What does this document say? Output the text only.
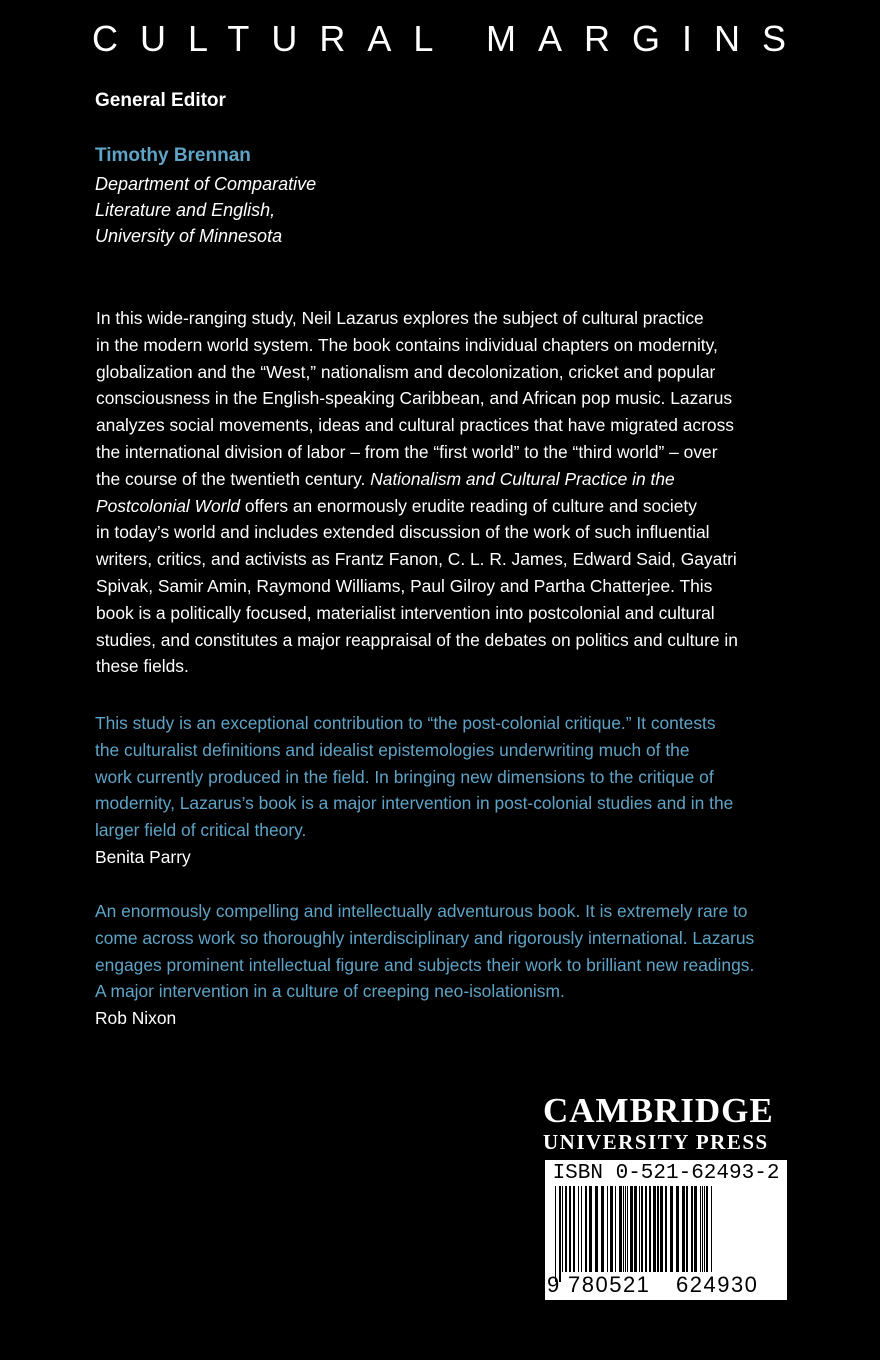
CULTURAL MARGINS
General Editor
Timothy Brennan
Department of Comparative
Literature and English,
University of Minnesota
In this wide-ranging study, Neil Lazarus explores the subject of cultural practice
in the modern world system. The book contains individual chapters on modernity,
globalization and the “West,” nationalism and decolonization, cricket and popular
consciousness in the English-speaking Caribbean, and African pop music. Lazarus
analyzes social movements, ideas and cultural practices that have migrated across
the international division of labor – from the “first world” to the “third world” – over
the course of the twentieth century. Nationalism and Cultural Practice in the
Postcolonial World offers an enormously erudite reading of culture and society
in today’s world and includes extended discussion of the work of such influential
writers, critics, and activists as Frantz Fanon, C. L. R. James, Edward Said, Gayatri
Spivak, Samir Amin, Raymond Williams, Paul Gilroy and Partha Chatterjee. This
book is a politically focused, materialist intervention into postcolonial and cultural
studies, and constitutes a major reappraisal of the debates on politics and culture in
these fields.
This study is an exceptional contribution to “the post-colonial critique.” It contests
the culturalist definitions and idealist epistemologies underwriting much of the
work currently produced in the field. In bringing new dimensions to the critique of
modernity, Lazarus’s book is a major intervention in post-colonial studies and in the
larger field of critical theory.
Benita Parry
An enormously compelling and intellectually adventurous book. It is extremely rare to
come across work so thoroughly interdisciplinary and rigorously international. Lazarus
engages prominent intellectual figure and subjects their work to brilliant new readings.
A major intervention in a culture of creeping neo-isolationism.
Rob Nixon
CAMBRIDGE
UNIVERSITY PRESS
ISBN 0-521-62493-2
9 780521 624930
